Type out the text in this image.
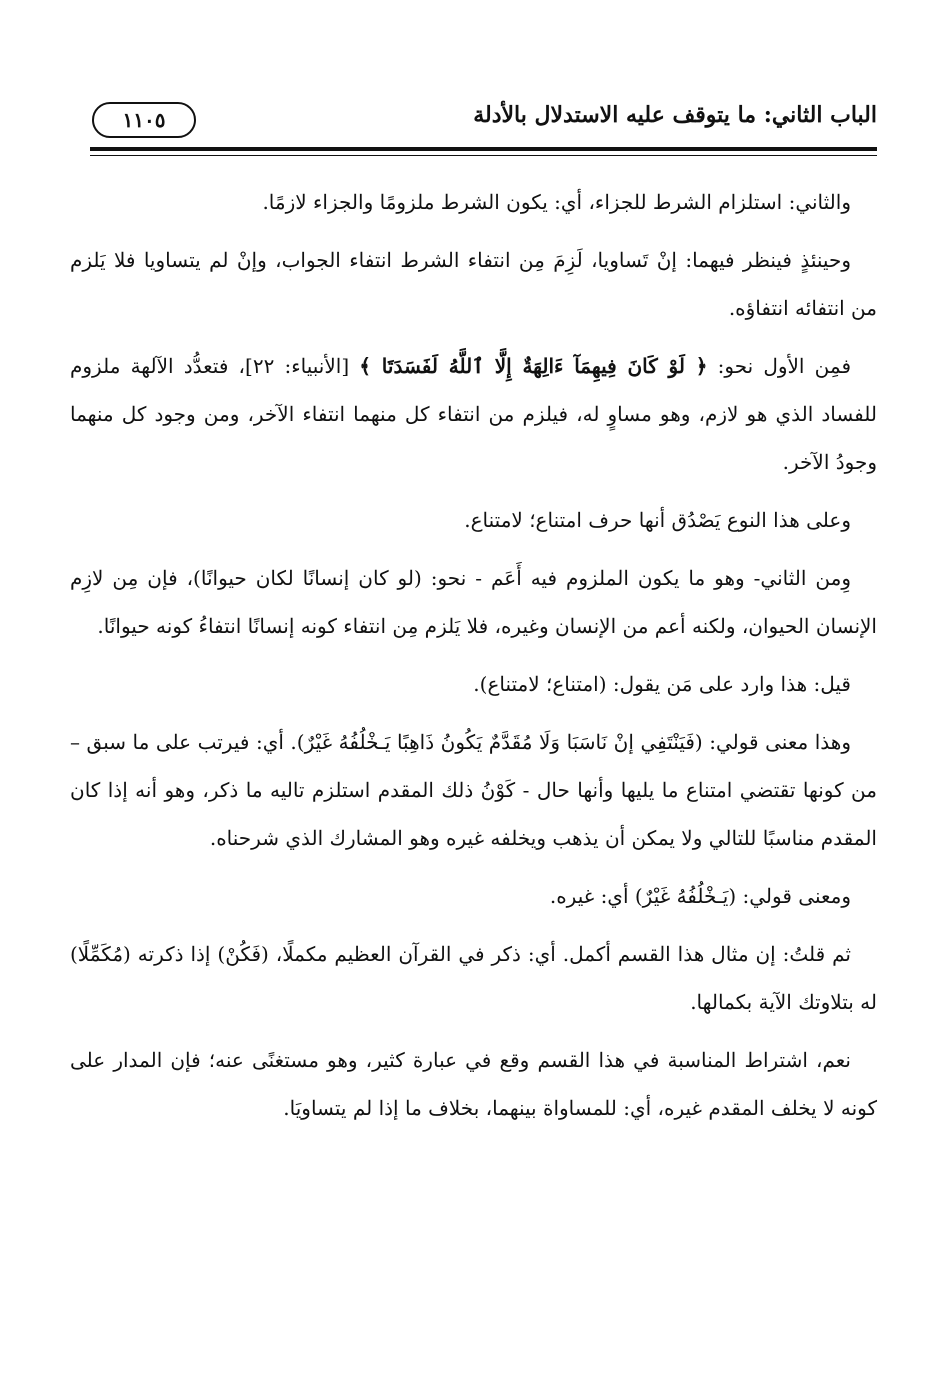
الباب الثاني: ما يتوقف عليه الاستدلال بالأدلة
١١٠٥

والثاني: استلزام الشرط للجزاء، أي: يكون الشرط ملزومًا والجزاء لازمًا.

وحينئذٍ فينظر فيهما: إنْ تَساويا، لَزِمَ مِن انتفاء الشرط انتفاء الجواب، وإنْ لم يتساويا فلا يَلزم من انتفائه انتفاؤه.

فمِن الأول نحو: ﴿ لَوْ كَانَ فِيهِمَآ ءَالِهَةٌ إِلَّا ٱللَّهُ لَفَسَدَتَا ﴾ [الأنبياء: ٢٢]، فتعدُّد الآلهة ملزوم للفساد الذي هو لازم، وهو مساوٍ له، فيلزم من انتفاء كل منهما انتفاء الآخر، ومن وجود كل منهما وجودُ الآخر.

وعلى هذا النوع يَصْدُق أنها حرف امتناع؛ لامتناع.

وِمن الثاني- وهو ما يكون الملزوم فيه أَعَم - نحو: (لو كان إنسانًا لكان حيوانًا)، فإن مِن لازِم الإنسان الحيوان، ولكنه أعم من الإنسان وغيره، فلا يَلزم مِن انتفاء كونه إنسانًا انتفاءُ كونه حيوانًا.

قيل: هذا وارد على مَن يقول: (امتناع؛ لامتناع).

وهذا معنى قولي: (فَيَنْتَفِي إنْ نَاسَبَا وَلَا مُقَدَّمٌ يَكُونُ ذَاهِبًا يَـخْلُفُهُ غَيْرٌ). أي: فيرتب على ما سبق – من كونها تقتضي امتناع ما يليها وأنها حال - كَوْنُ ذلك المقدم استلزم تاليه ما ذكر، وهو أنه إذا كان المقدم مناسبًا للتالي ولا يمكن أن يذهب ويخلفه غيره وهو المشارك الذي شرحناه.

ومعنى قولي: (يَـخْلُفُهُ غَيْرٌ) أي: غيره.

ثم قلتُ: إن مثال هذا القسم أكمل. أي: ذكر في القرآن العظيم مكملًا، (فَكُنْ) إذا ذكرته (مُكَمِّلًا) له بتلاوتك الآية بكمالها.

نعم، اشتراط المناسبة في هذا القسم وقع في عبارة كثير، وهو مستغنًى عنه؛ فإن المدار على كونه لا يخلف المقدم غيره، أي: للمساواة بينهما، بخلاف ما إذا لم يتساويَا.
